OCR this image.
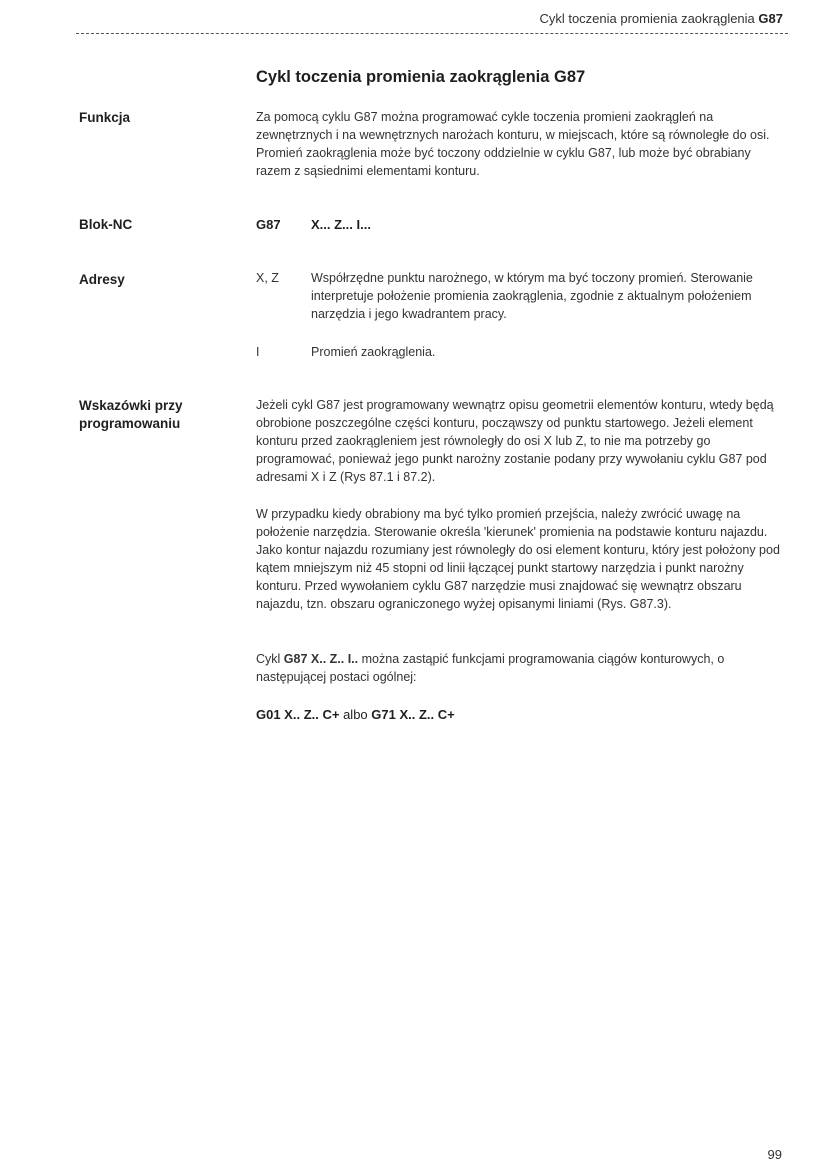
Cykl toczenia promienia zaokrąglenia G87
Cykl toczenia promienia zaokrąglenia G87
Funkcja	Za pomocą cyklu G87 można programować cykle toczenia promieni zaokrągleń na zewnętrznych i na wewnętrznych narożach konturu, w miejscach, które są równoległe do osi. Promień zaokrąglenia może być toczony oddzielnie w cyklu G87, lub może być obrabiany razem z sąsiednimi elementami konturu.

Blok-NC	G87 X... Z... I...
Adresy	X, Z	Współrzędne punktu narożnego, w którym ma być toczony promień. Sterowanie interpretuje położenie promienia zaokrąglenia, zgodnie z aktualnym położeniem narzędzia i jego kwadrantem pracy.
I	Promień zaokrąglenia.
Wskazówki przy
programowaniu

Jeżeli cykl G87 jest programowany wewnątrz opisu geometrii elementów konturu, wtedy będą obrobione poszczególne części konturu, począwszy od punktu startowego. Jeżeli element konturu przed zaokrągleniem jest równoległy do osi X lub Z, to nie ma potrzeby go programować, ponieważ jego punkt narożny zostanie podany przy wywołaniu cyklu G87 pod adresami X i Z (Rys 87.1 i 87.2).

W przypadku kiedy obrabiony ma być tylko promień przejścia, należy zwrócić uwagę na położenie narzędzia. Sterowanie określa 'kierunek' promienia na podstawie konturu najazdu. Jako kontur najazdu rozumiany jest równoległy do osi element konturu, który jest położony pod kątem mniejszym niż 45 stopni od linii łączącej punkt startowy narzędzia i punkt narożny konturu. Przed wywołaniem cyklu G87 narzędzie musi znajdować się wewnątrz obszaru najazdu, tzn. obszaru ograniczonego wyżej opisanymi liniami (Rys. G87.3).

Cykl G87 X.. Z.. I.. można zastąpić funkcjami programowania ciągów konturowych, o następującej postaci ogólnej:

G01 X.. Z.. C+ albo G71 X.. Z.. C+
99
